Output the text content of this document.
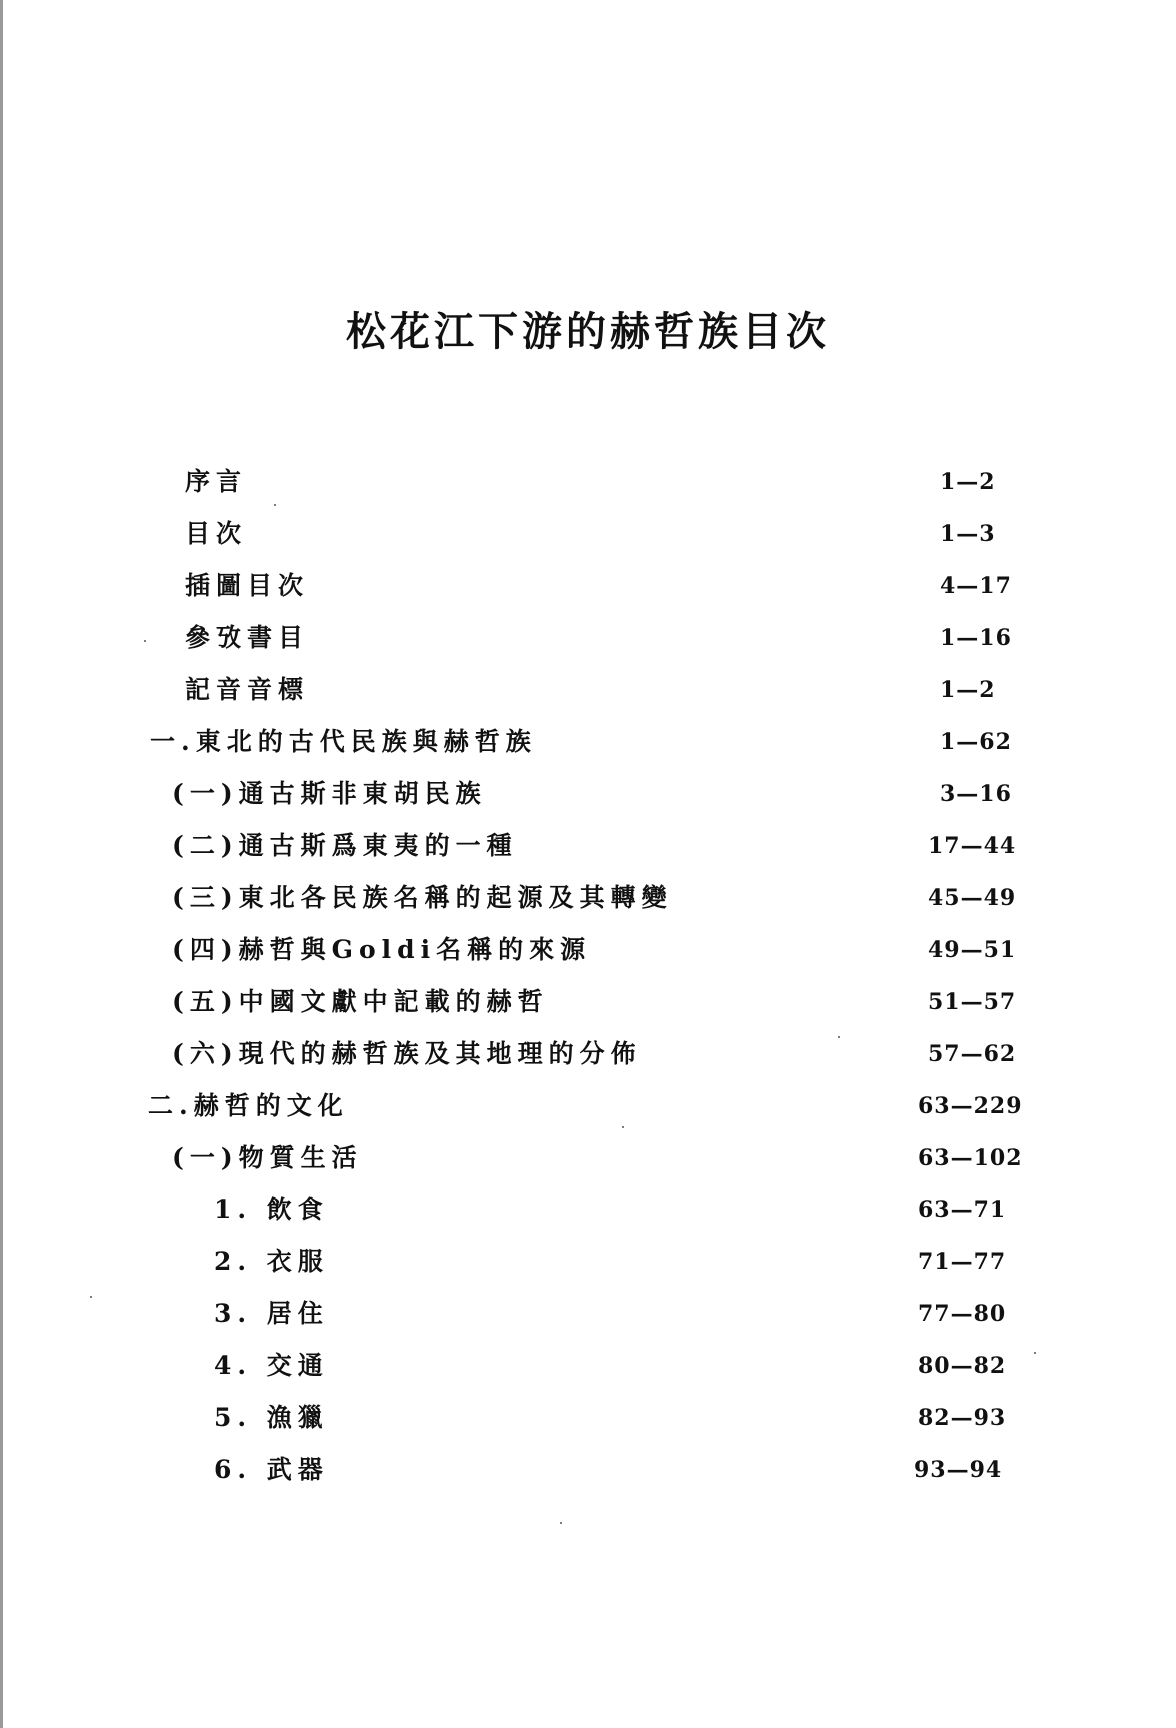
松花江下游的赫哲族目次
序言	1—2
目次	1—3
插圖目次	4—17
參攷書目	1—16
記音音標	1—2
一.東北的古代民族與赫哲族	1—62
(一)通古斯非東胡民族	3—16
(二)通古斯爲東夷的一種	17—44
(三)東北各民族名稱的起源及其轉變	45—49
(四)赫哲與Goldi名稱的來源	49—51
(五)中國文獻中記載的赫哲	51—57
(六)現代的赫哲族及其地理的分佈	57—62
二.赫哲的文化	63—229
(一)物質生活	63—102
1. 飲食	63—71
2. 衣服	71—77
3. 居住	77—80
4. 交通	80—82
5. 漁獵	82—93
6. 武器	93—94
